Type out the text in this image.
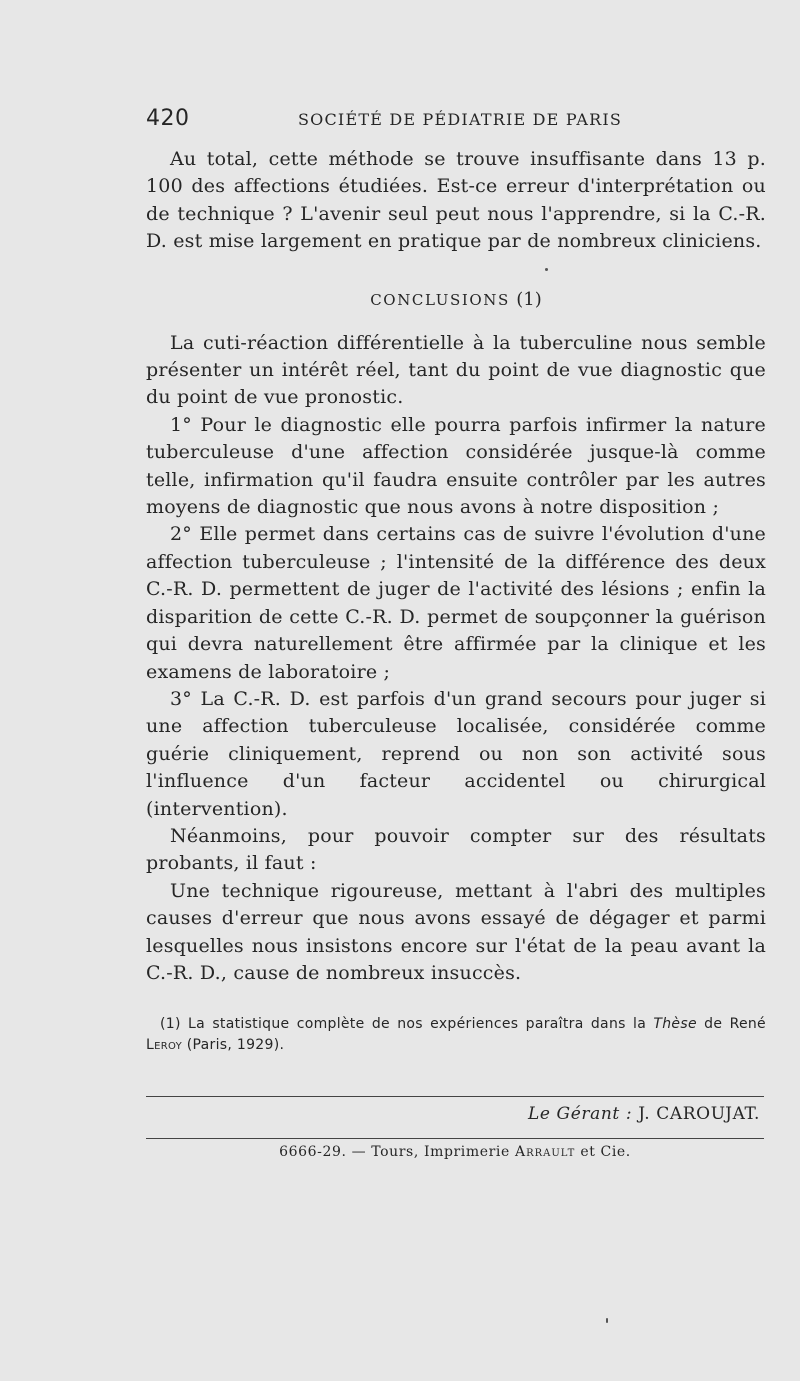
420	SOCIÉTÉ DE PÉDIATRIE DE PARIS

Au total, cette méthode se trouve insuffisante dans 13 p. 100 des affections étudiées. Est-ce erreur d'interprétation ou de technique ? L'avenir seul peut nous l'apprendre, si la C.-R. D. est mise largement en pratique par de nombreux cliniciens.

CONCLUSIONS (1)

La cuti-réaction différentielle à la tuberculine nous semble présenter un intérêt réel, tant du point de vue diagnostic que du point de vue pronostic.

1° Pour le diagnostic elle pourra parfois infirmer la nature tuberculeuse d'une affection considérée jusque-là comme telle, infirmation qu'il faudra ensuite contrôler par les autres moyens de diagnostic que nous avons à notre disposition ;

2° Elle permet dans certains cas de suivre l'évolution d'une affection tuberculeuse ; l'intensité de la différence des deux C.-R. D. permettent de juger de l'activité des lésions ; enfin la disparition de cette C.-R. D. permet de soupçonner la guérison qui devra naturellement être affirmée par la clinique et les examens de laboratoire ;

3° La C.-R. D. est parfois d'un grand secours pour juger si une affection tuberculeuse localisée, considérée comme guérie cliniquement, reprend ou non son activité sous l'influence d'un facteur accidentel ou chirurgical (intervention).

Néanmoins, pour pouvoir compter sur des résultats probants, il faut :

Une technique rigoureuse, mettant à l'abri des multiples causes d'erreur que nous avons essayé de dégager et parmi lesquelles nous insistons encore sur l'état de la peau avant la C.-R. D., cause de nombreux insuccès.

(1) La statistique complète de nos expériences paraîtra dans la Thèse de René Leroy (Paris, 1929).

Le Gérant : J. CAROUJAT.
6666-29. — Tours, Imprimerie Arrault et Cie.
